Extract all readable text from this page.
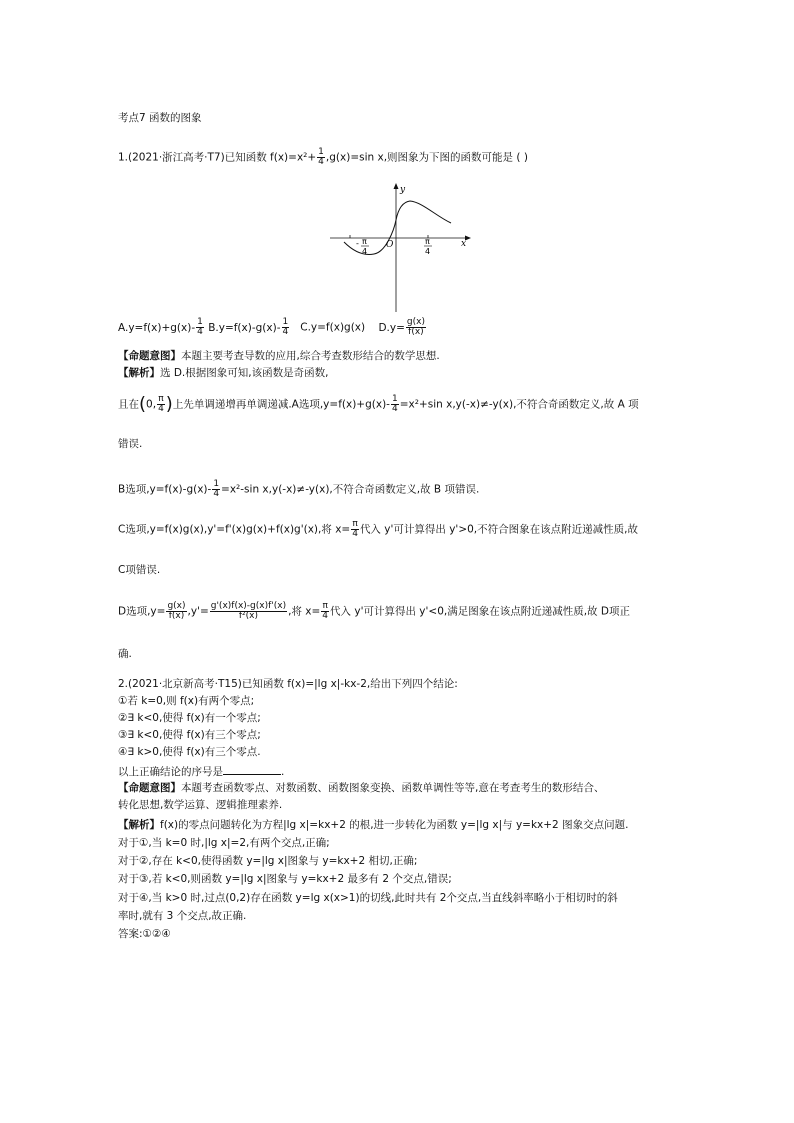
考点7 函数的图象
1.(2021·浙江高考·T7)已知函数 $f(x)=x^2+ \frac{1}{4} ,g(x)=\sin$ x,则图象为下图的函数可能是 ( )
y
x
O
- π
4
π
4
$A.y=f(x)+g(x)- \frac{1}{4} B.y=f(x)-g(x)- \frac{1}{4} C.y=f(x)g(x)$ $D.y= \frac{g(x)}{f(x)}$
【命题意图】本题主要考查导数的应用,综合考查数形结合的数学思想.
【解析】选 D.根据图象可知,该函数是奇函数,
且在(0, $\frac{\pi}{4}$ )上先单调递增再单调递减.A选项$,y=f(x)+g(x)- \frac{1}{4} =x^2+\sin$ x,y(-x)≠-y(x),不符合奇函数定义,故 A 项
错误.
B选项$,y=f(x)-g(x)- \frac{1}{4} =x^2-\sin$ x,y(-x)≠-y(x),不符合奇函数定义,故 B 项错误.
C选项,y=f(x)g(x),y'=f'(x)g(x)+f(x)g'(x),将 $x= \frac{\pi}{4}$ 代入 y'可计算得出 y'>0,不符合图象在该点附近递减性质,故
C项错误.
D选项$,y= \frac{g(x)}{f(x)} ,y'= \frac{g'(x)f(x)-g(x)f'(x)}{\text{f²(x)}}$ ,将 $x= \frac{\pi}{4}$ 代入 y'可计算得出 y'<0,满足图象在该点附近递减性质,故 D项正
确.
2.(2021·北京新高考·T15)已知函数 f(x)=|lg x|-kx-2,给出下列四个结论:
①若 k=0,则 f(x)有两个零点;
②∃ k<0,使得 f(x)有一个零点;
③∃ k<0,使得 f(x)有三个零点;
④∃ k>0,使得 f(x)有三个零点.
以上正确结论的序号是	.
【命题意图】本题考查函数零点、对数函数、函数图象变换、函数单调性等等,意在考查考生的数形结合、
转化思想,数学运算、逻辑推理素养.
【解析】f(x)的零点问题转化为方程|lg x|=kx+2 的根,进一步转化为函数 y=|lg x|与 y=kx+2 图象交点问题.
对于①,当 k=0 时,|lg x|=2,有两个交点,正确;
对于②,存在 k<0,使得函数 y=|lg x|图象与 y=kx+2 相切,正确;
对于③,若 k<0,则函数 y=|lg x|图象与 y=kx+2 最多有 2 个交点,错误;
对于④,当 k>0 时,过点(0,2)存在函数 y=lg x(x>1)的切线,此时共有 2个交点,当直线斜率略小于相切时的斜
率时,就有 3 个交点,故正确.
答案:①②④
